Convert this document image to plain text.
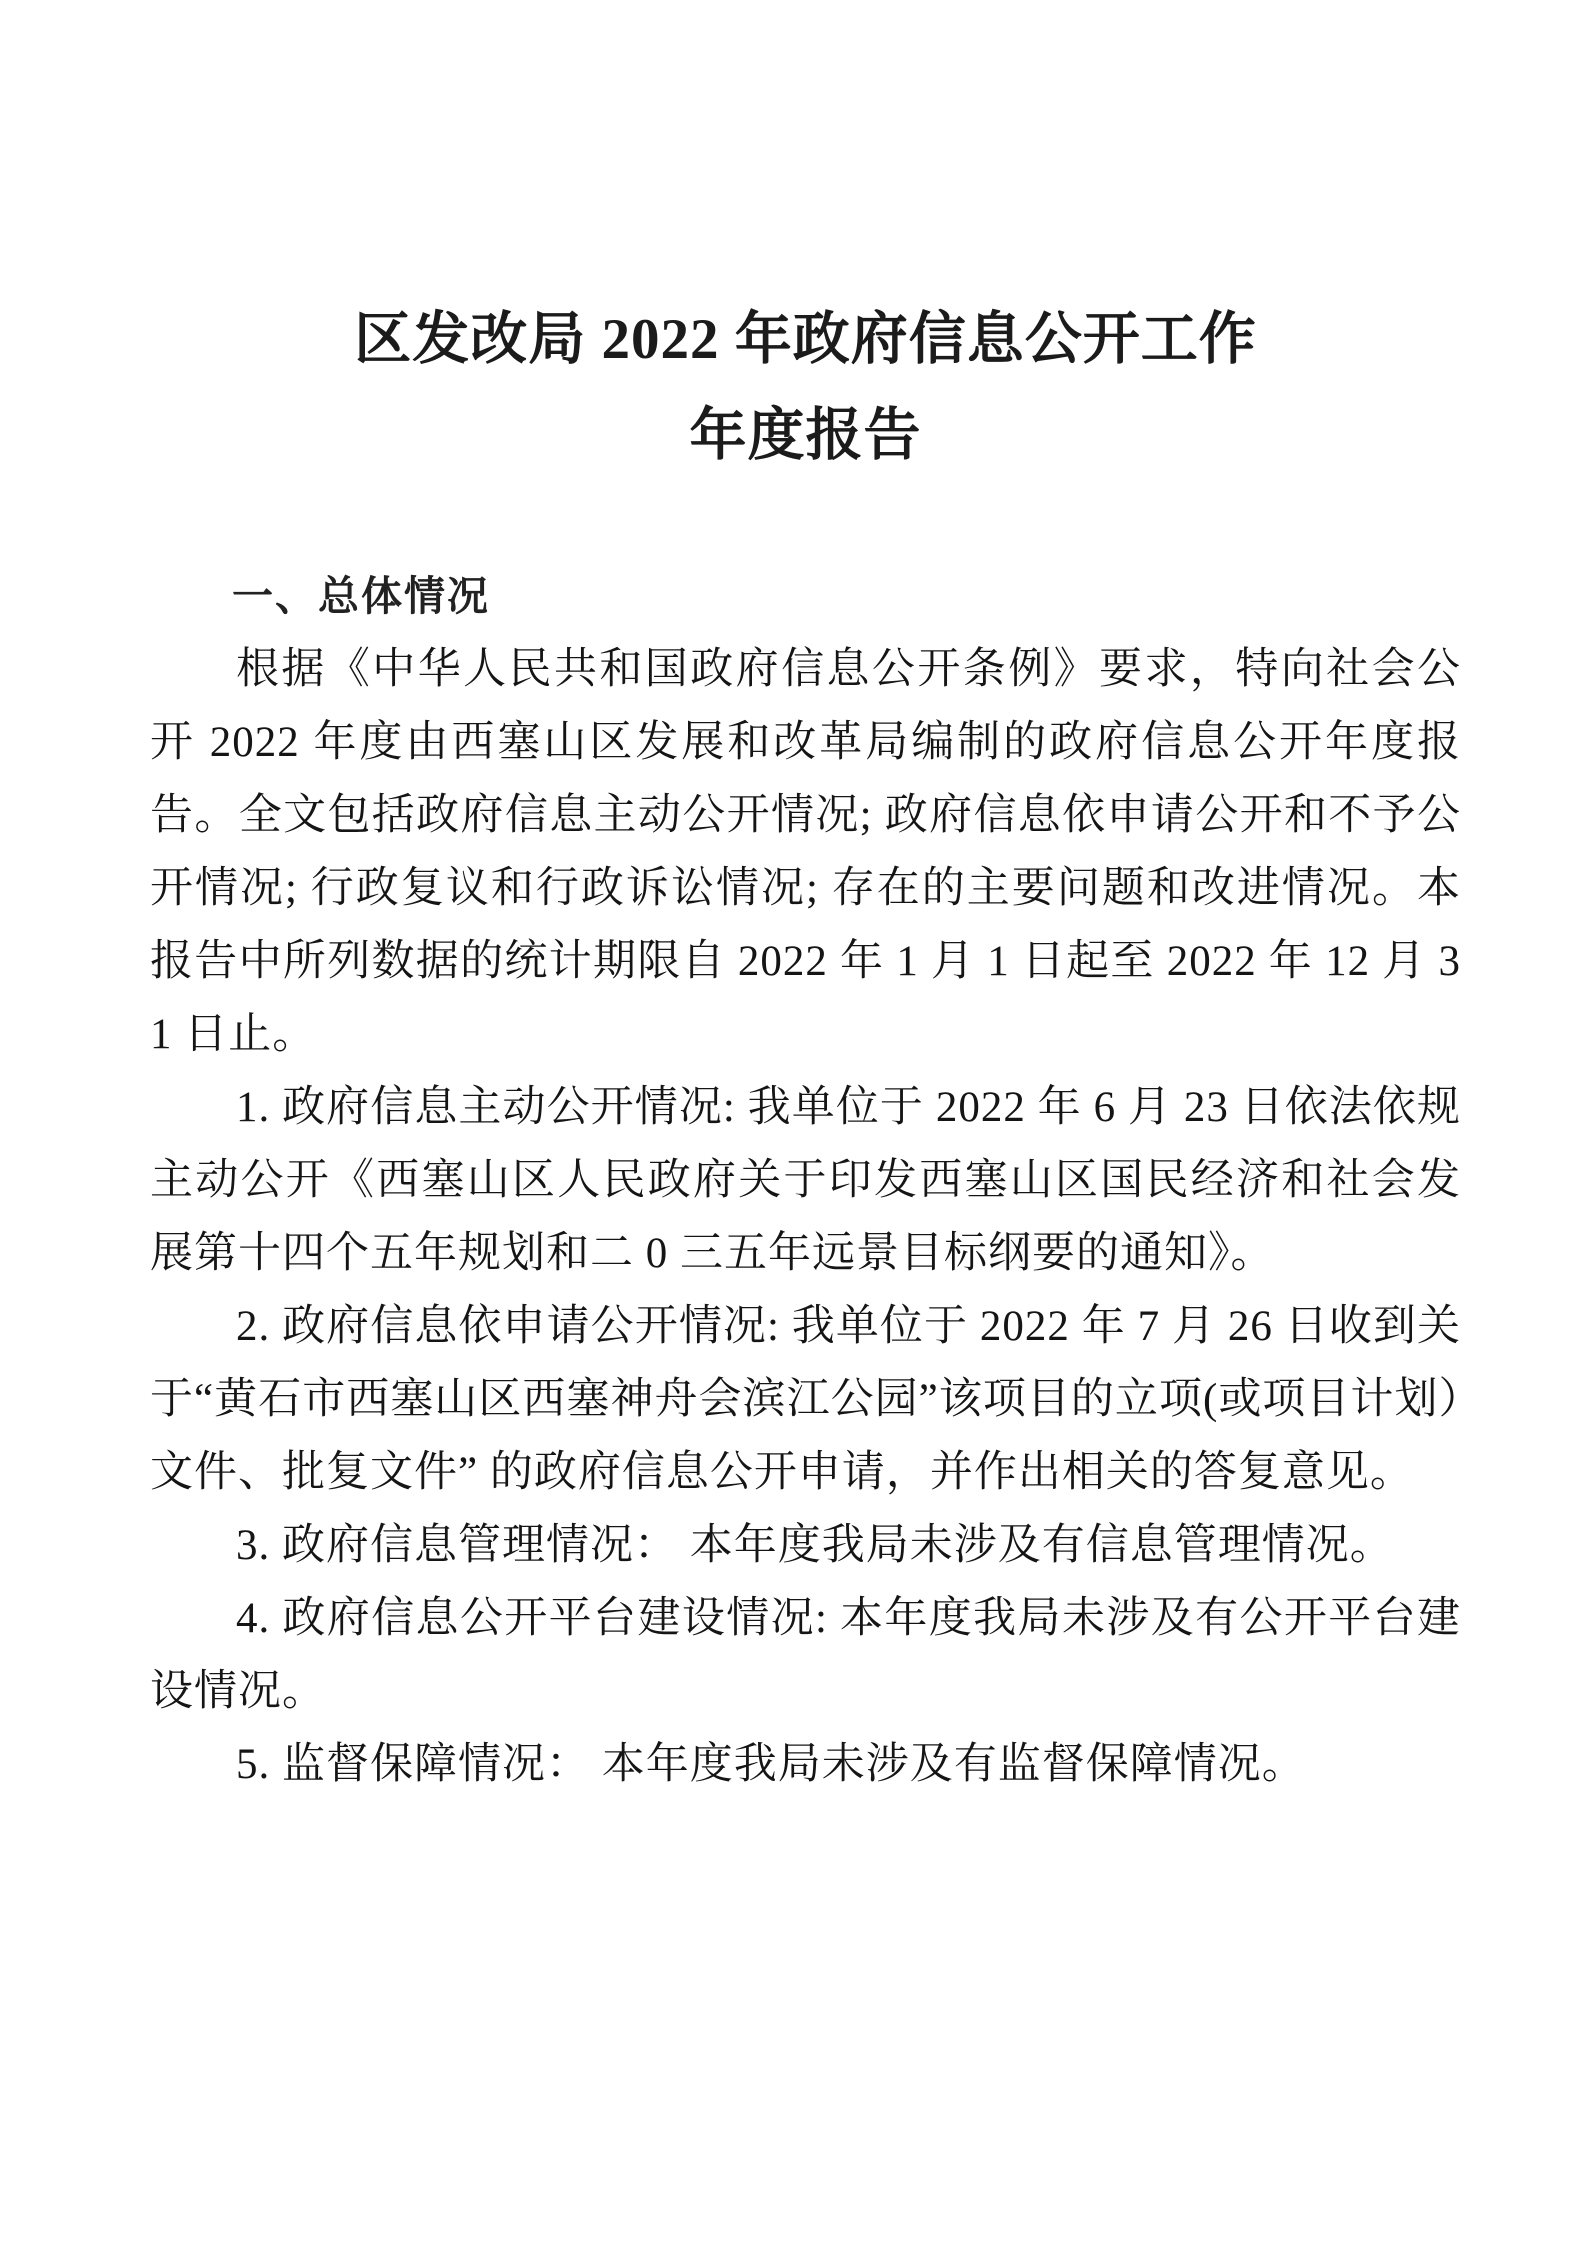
区发改局 2022 年政府信息公开工作
年度报告
一、总体情况

根据《中华人民共和国政府信息公开条例》要求，特向社会公开 2022 年度由西塞山区发展和改革局编制的政府信息公开年度报告。全文包括政府信息主动公开情况; 政府信息依申请公开和不予公开情况; 行政复议和行政诉讼情况; 存在的主要问题和改进情况。本报告中所列数据的统计期限自 2022 年 1 月 1 日起至 2022 年 12 月 31 日止。

1. 政府信息主动公开情况: 我单位于 2022 年 6 月 23 日依法依规主动公开《西塞山区人民政府关于印发西塞山区国民经济和社会发展第十四个五年规划和二 0 三五年远景目标纲要的通知》。

2. 政府信息依申请公开情况: 我单位于 2022 年 7 月 26 日收到关于“黄石市西塞山区西塞神舟会滨江公园”该项目的立项(或项目计划）文件、批复文件” 的政府信息公开申请，并作出相关的答复意见。

3. 政府信息管理情况： 本年度我局未涉及有信息管理情况。

4. 政府信息公开平台建设情况: 本年度我局未涉及有公开平台建设情况。

5. 监督保障情况： 本年度我局未涉及有监督保障情况。
